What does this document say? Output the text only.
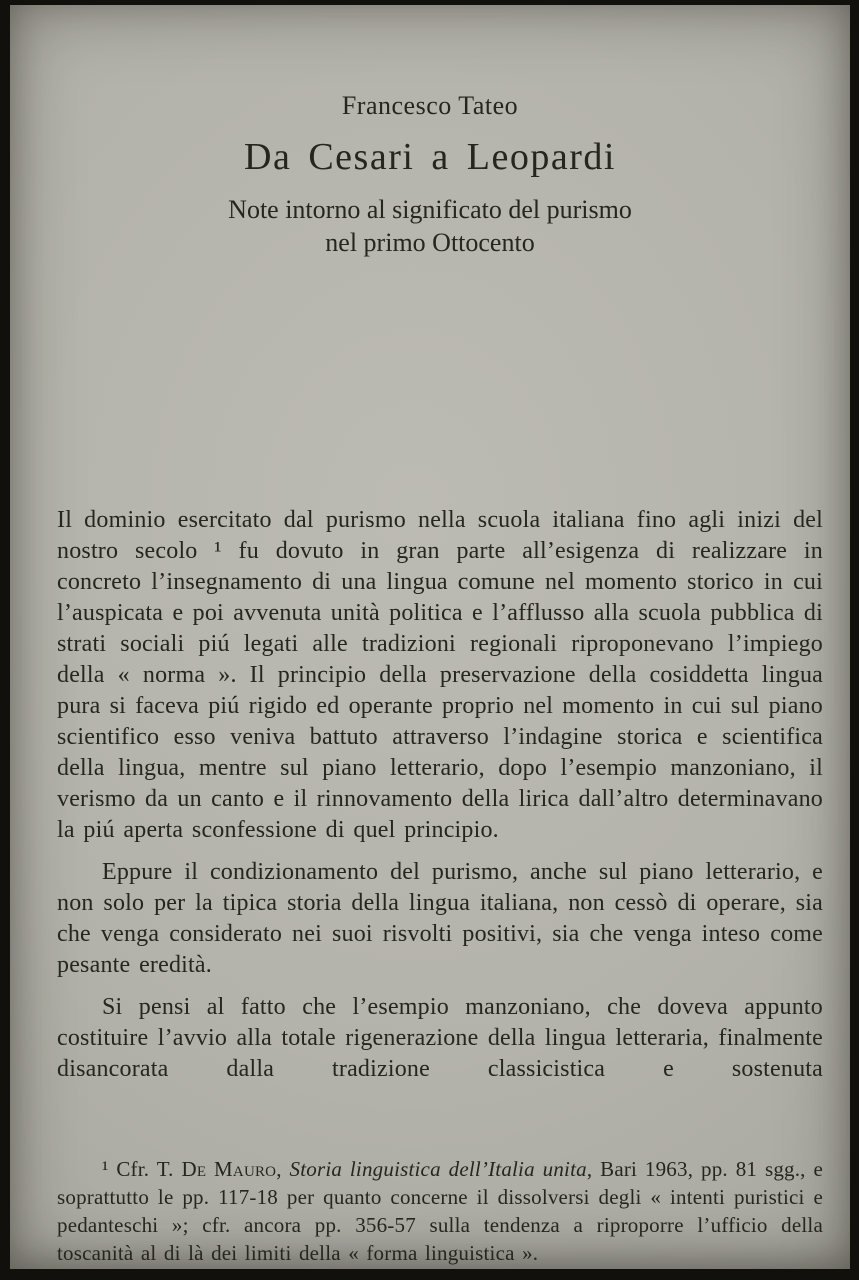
Francesco Tateo
Da Cesari a Leopardi
Note intorno al significato del purismo
nel primo Ottocento

Il dominio esercitato dal purismo nella scuola italiana fino agli inizi del nostro secolo ¹ fu dovuto in gran parte all’esigenza di realizzare in concreto l’insegnamento di una lingua comune nel momento storico in cui l’auspicata e poi avvenuta unità politica e l’afflusso alla scuola pubblica di strati sociali piú legati alle tradizioni regionali riproponevano l’impiego della « norma ». Il principio della preservazione della cosiddetta lingua pura si faceva piú rigido ed operante proprio nel momento in cui sul piano scientifico esso veniva battuto attraverso l’indagine storica e scientifica della lingua, mentre sul piano letterario, dopo l’esempio manzoniano, il verismo da un canto e il rinnovamento della lirica dall’altro determinavano la piú aperta sconfessione di quel principio.

Eppure il condizionamento del purismo, anche sul piano letterario, e non solo per la tipica storia della lingua italiana, non cessò di operare, sia che venga considerato nei suoi risvolti positivi, sia che venga inteso come pesante eredità.

Si pensi al fatto che l’esempio manzoniano, che doveva appunto costituire l’avvio alla totale rigenerazione della lingua letteraria, finalmente disancorata dalla tradizione classicistica e sostenuta

¹ Cfr. T. De Mauro, Storia linguistica dell’Italia unita, Bari 1963, pp. 81 sgg., e soprattutto le pp. 117-18 per quanto concerne il dissolversi degli « intenti puristici e pedanteschi »; cfr. ancora pp. 356-57 sulla tendenza a riproporre l’ufficio della toscanità al di là dei limiti della « forma linguistica ».
